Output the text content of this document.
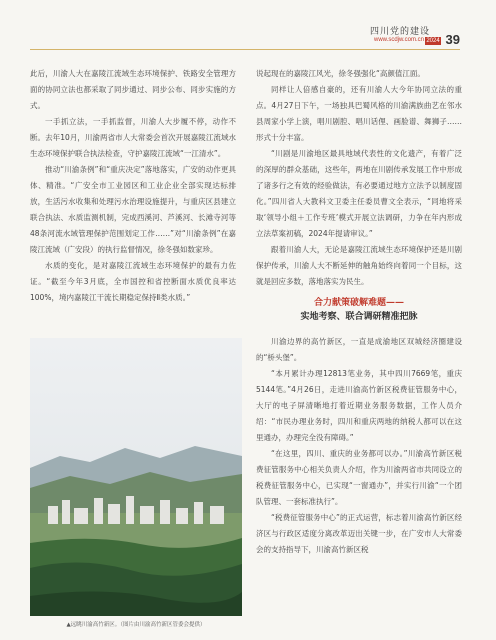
四川党的建设
www.scdjw.com.cn 2024 39

此后，川渝人大在嘉陵江流域生态环境保护、铁路安全管理方面的协同立法也都采取了同步通过、同步公布、同步实施的方式。

一手抓立法，一手抓监督，川渝人大步履不停，动作不断。去年10月，川渝两省市人大常委会首次开展嘉陵江流域水生态环境保护联合执法检查，守护嘉陵江流域“一江清水”。

推动“川渝条例”和“重庆决定”落地落实，广安的动作更具体、精准。“广安全市工业园区和工业企业全部实现达标排放，生活污水收集和处理污水治理设施提升，与重庆区县建立联合执法、水质监测机制，完成西溪河、芦溪河、长滩寺河等48条河流水域管理保护范围划定工作……”对“川渝条例”在嘉陵江流域（广安段）的执行监督情况，徐冬强如数家珍。

水质的变化，是对嘉陵江流域生态环境保护的最有力佐证。“截至今年3月底，全市国控和省控断面水质优良率达100%，境内嘉陵江干流长期稳定保持Ⅱ类水质。”

说起现在的嘉陵江风光，徐冬强强化“高颜值江面。

同样让人倍感自豪的，还有川渝人大今年协同立法的重点。4月27日下午，一场独具巴蜀风格的川渝满族曲艺在邻水县周家小学上演，唱川剧腔、唱川话俚、画脸谱、舞狮子……形式十分丰富。

“川剧是川渝地区最具地域代表性的文化遗产，有着广泛的深厚的群众基础，这些年，两地在川剧传承发展工作中形成了诸多行之有效的经验做法，有必要通过地方立法予以制度固化。”四川省人大教科文卫委主任委员曹文全表示，“同地将采取‘领导小组＋工作专班’模式开展立法调研，力争在年内形成立法草案初稿，2024年提请审议。”

跟着川渝人大，无论是嘉陵江流域生态环境保护还是川剧保护传承，川渝人大不断延伸的触角始终向着同一个目标，这就是回应多数，落地落实为民生。

合力献策破解难题——
实地考察、联合调研精准把脉

川渝边界的高竹新区，一直是成渝地区双城经济圈建设的“桥头堡”。

“本月累计办理12813笔业务，其中四川7669笔，重庆5144笔。”4月26日，走进川渝高竹新区税费征管服务中心，大厅的电子屏清晰地打着近期业务服务数据，工作人员介绍：“市民办理业务时，四川和重庆两地的纳税人都可以在这里通办，办理完全没有障碍。”

“在这里，四川、重庆的业务都可以办。”川渝高竹新区税费征管服务中心相关负责人介绍，作为川渝两省市共同设立的税费征管服务中心，已实现“一窗通办”，并实行川渝“一个团队管理、一套标准执行”。

“税费征管服务中心”的正式运营，标志着川渝高竹新区经济区与行政区适度分离改革迈出关键一步，在广安市人大常委会的支持指导下，川渝高竹新区税

▲远眺川渝高竹新区。（图片由川渝高竹新区管委会提供）
